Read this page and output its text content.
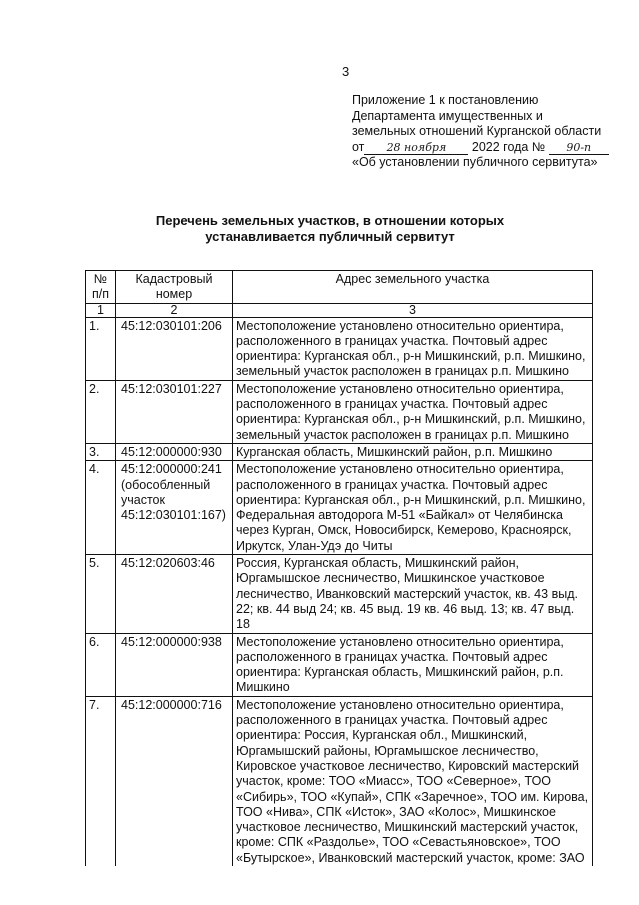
3
Приложение 1 к постановлению
Департамента имущественных и
земельных отношений Курганской области
от 28 ноября 2022 года № 90-п
«Об установлении публичного сервитута»
Перечень земельных участков, в отношении которых
устанавливается публичный сервитут
№ п/п	Кадастровый номер	Адрес земельного участка
1	2	3
1.	45:12:030101:206	Местоположение установлено относительно ориентира, расположенного в границах участка. Почтовый адрес ориентира: Курганская обл., р-н Мишкинский, р.п. Мишкино, земельный участок расположен в границах р.п. Мишкино
2.	45:12:030101:227	Местоположение установлено относительно ориентира, расположенного в границах участка. Почтовый адрес ориентира: Курганская обл., р-н Мишкинский, р.п. Мишкино, земельный участок расположен в границах р.п. Мишкино
3.	45:12:000000:930	Курганская область, Мишкинский район, р.п. Мишкино
4.	45:12:000000:241 (обособленный участок 45:12:030101:167)	Местоположение установлено относительно ориентира, расположенного в границах участка. Почтовый адрес ориентира: Курганская обл., р-н Мишкинский, р.п. Мишкино, Федеральная автодорога М-51 «Байкал» от Челябинска через Курган, Омск, Новосибирск, Кемерово, Красноярск, Иркутск, Улан-Удэ до Читы
5.	45:12:020603:46	Россия, Курганская область, Мишкинский район, Юргамышское лесничество, Мишкинское участковое лесничество, Иванковский мастерский участок, кв. 43 выд. 22; кв. 44 выд 24; кв. 45 выд. 19 кв. 46 выд. 13; кв. 47 выд. 18
6.	45:12:000000:938	Местоположение установлено относительно ориентира, расположенного в границах участка. Почтовый адрес ориентира: Курганская область, Мишкинский район, р.п. Мишкино
7.	45:12:000000:716	Местоположение установлено относительно ориентира, расположенного в границах участка. Почтовый адрес ориентира: Россия, Курганская обл., Мишкинский, Юргамышский районы, Юргамышское лесничество, Кировское участковое лесничество, Кировский мастерский участок, кроме: ТОО «Миасс», ТОО «Северное», ТОО «Сибирь», ТОО «Купай», СПК «Заречное», ТОО им. Кирова, ТОО «Нива», СПК «Исток», ЗАО «Колос», Мишкинское участковое лесничество, Мишкинский мастерский участок, кроме: СПК «Раздолье», ТОО «Севастьяновское», ТОО «Бутырское», Иванковский мастерский участок, кроме: ЗАО
